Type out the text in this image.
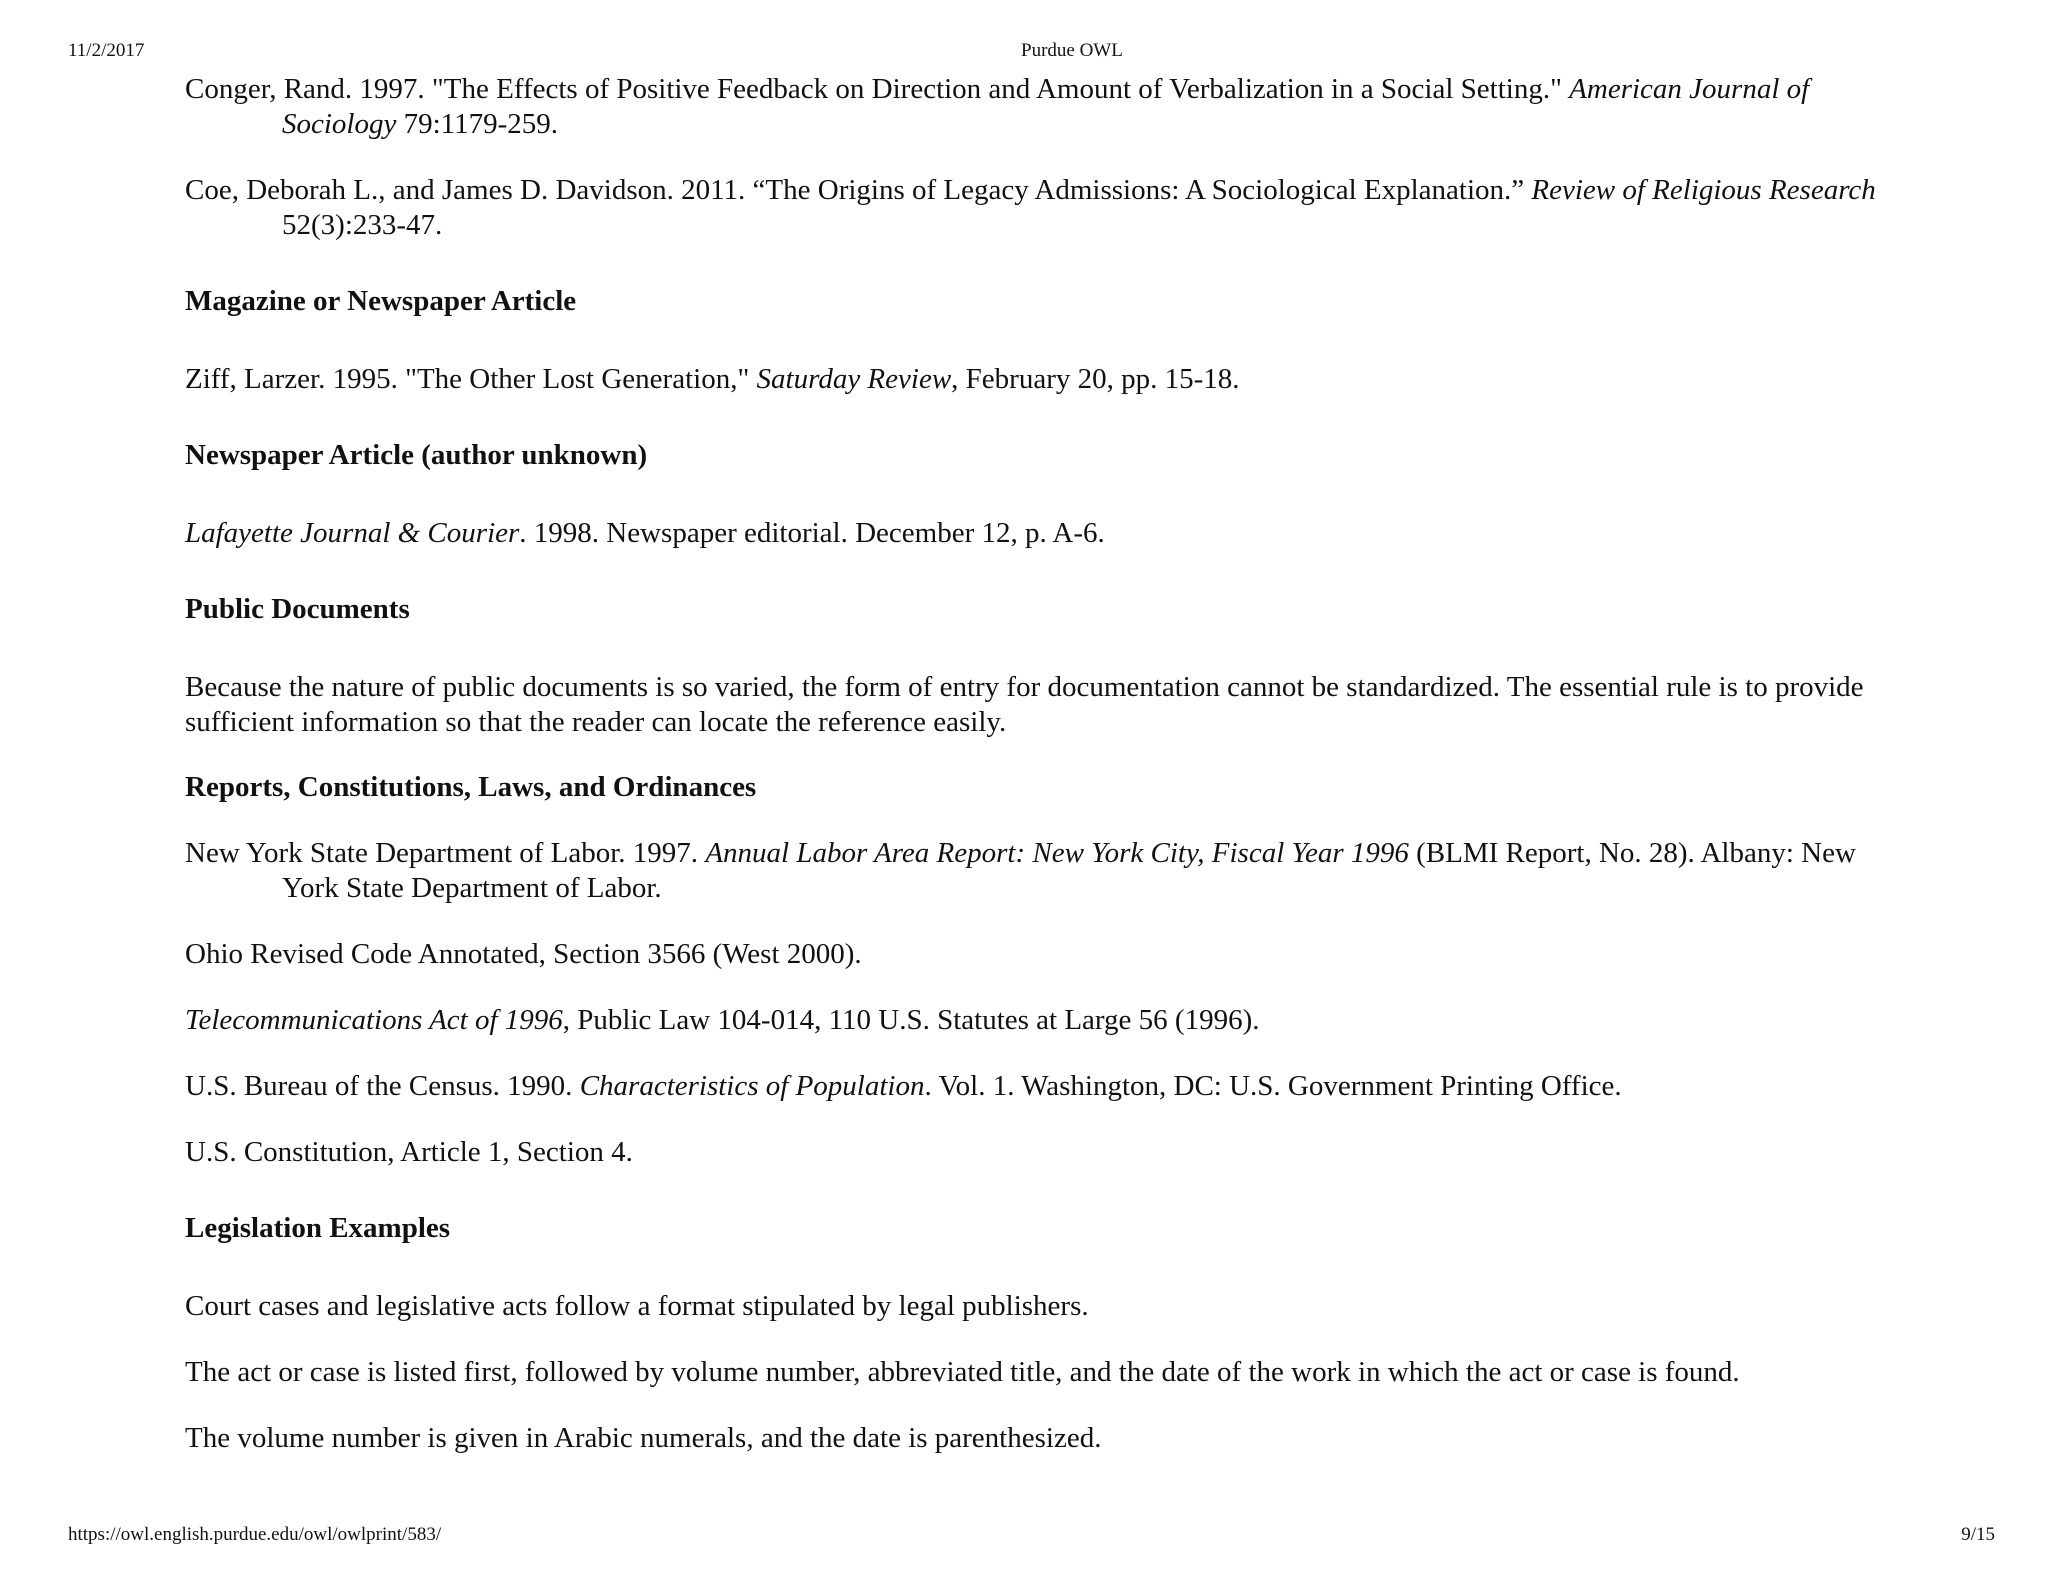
11/2/2017	Purdue OWL

Conger, Rand. 1997. "The Effects of Positive Feedback on Direction and Amount of Verbalization in a Social Setting." American Journal of Sociology 79:1179-259.

Coe, Deborah L., and James D. Davidson. 2011. “The Origins of Legacy Admissions: A Sociological Explanation.” Review of Religious Research 52(3):233-47.

Magazine or Newspaper Article

Ziff, Larzer. 1995. "The Other Lost Generation," Saturday Review, February 20, pp. 15-18.

Newspaper Article (author unknown)

Lafayette Journal & Courier. 1998. Newspaper editorial. December 12, p. A-6.

Public Documents

Because the nature of public documents is so varied, the form of entry for documentation cannot be standardized. The essential rule is to provide sufficient information so that the reader can locate the reference easily.

Reports, Constitutions, Laws, and Ordinances

New York State Department of Labor. 1997. Annual Labor Area Report: New York City, Fiscal Year 1996 (BLMI Report, No. 28). Albany: New York State Department of Labor.

Ohio Revised Code Annotated, Section 3566 (West 2000).

Telecommunications Act of 1996, Public Law 104-014, 110 U.S. Statutes at Large 56 (1996).

U.S. Bureau of the Census. 1990. Characteristics of Population. Vol. 1. Washington, DC: U.S. Government Printing Office.

U.S. Constitution, Article 1, Section 4.

Legislation Examples

Court cases and legislative acts follow a format stipulated by legal publishers.

The act or case is listed first, followed by volume number, abbreviated title, and the date of the work in which the act or case is found.

The volume number is given in Arabic numerals, and the date is parenthesized.

https://owl.english.purdue.edu/owl/owlprint/583/	9/15
